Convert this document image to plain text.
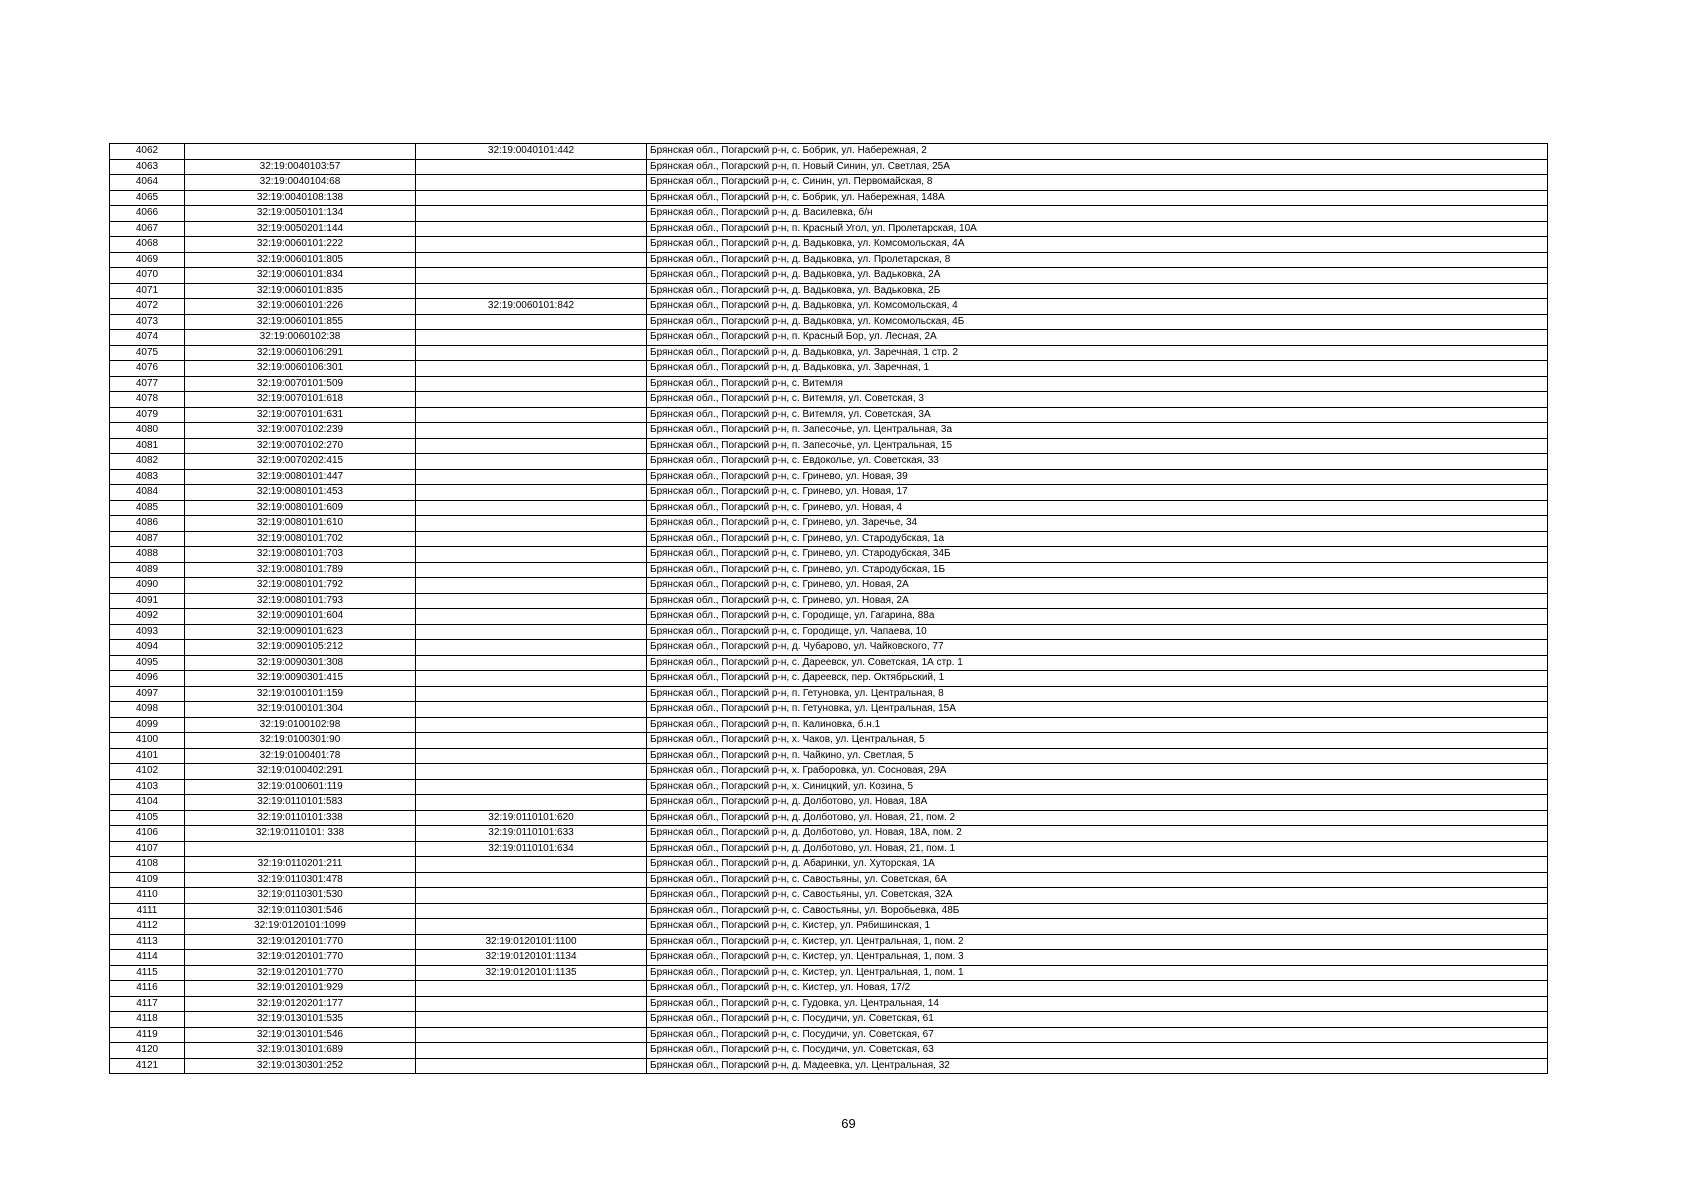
4062		32:19:0040101:442	Брянская обл., Погарский р-н, с. Бобрик, ул. Набережная, 2
4063	32:19:0040103:57		Брянская обл., Погарский р-н, п. Новый Синин, ул. Светлая, 25А
4064	32:19:0040104:68		Брянская обл., Погарский р-н, с. Синин, ул. Первомайская, 8
4065	32:19:0040108:138		Брянская обл., Погарский р-н, с. Бобрик, ул. Набережная, 148А
4066	32:19:0050101:134		Брянская обл., Погарский р-н, д. Василевка, б/н
4067	32:19:0050201:144		Брянская обл., Погарский р-н, п. Красный Угол, ул. Пролетарская, 10А
4068	32:19:0060101:222		Брянская обл., Погарский р-н, д. Вадьковка, ул. Комсомольская, 4А
4069	32:19:0060101:805		Брянская обл., Погарский р-н, д. Вадьковка, ул. Пролетарская, 8
4070	32:19:0060101:834		Брянская обл., Погарский р-н, д. Вадьковка, ул. Вадьковка, 2А
4071	32:19:0060101:835		Брянская обл., Погарский р-н, д. Вадьковка, ул. Вадьковка, 2Б
4072	32:19:0060101:226	32:19:0060101:842	Брянская обл., Погарский р-н, д. Вадьковка, ул. Комсомольская, 4
4073	32:19:0060101:855		Брянская обл., Погарский р-н, д. Вадьковка, ул. Комсомольская, 4Б
4074	32:19:0060102:38		Брянская обл., Погарский р-н, п. Красный Бор, ул. Лесная, 2А
4075	32:19:0060106:291		Брянская обл., Погарский р-н, д. Вадьковка, ул. Заречная, 1 стр. 2
4076	32:19:0060106:301		Брянская обл., Погарский р-н, д. Вадьковка, ул. Заречная, 1
4077	32:19:0070101:509		Брянская обл., Погарский р-н, с. Витемля
4078	32:19:0070101:618		Брянская обл., Погарский р-н, с. Витемля, ул. Советская, 3
4079	32:19:0070101:631		Брянская обл., Погарский р-н, с. Витемля, ул. Советская, 3А
4080	32:19:0070102:239		Брянская обл., Погарский р-н, п. Запесочье, ул. Центральная, 3а
4081	32:19:0070102:270		Брянская обл., Погарский р-н, п. Запесочье, ул. Центральная, 15
4082	32:19:0070202:415		Брянская обл., Погарский р-н, с. Евдоколье, ул. Советская, 33
4083	32:19:0080101:447		Брянская обл., Погарский р-н, с. Гринево, ул. Новая, 39
4084	32:19:0080101:453		Брянская обл., Погарский р-н, с. Гринево, ул. Новая, 17
4085	32:19:0080101:609		Брянская обл., Погарский р-н, с. Гринево, ул. Новая, 4
4086	32:19:0080101:610		Брянская обл., Погарский р-н, с. Гринево, ул. Заречье, 34
4087	32:19:0080101:702		Брянская обл., Погарский р-н, с. Гринево, ул. Стародубская, 1а
4088	32:19:0080101:703		Брянская обл., Погарский р-н, с. Гринево, ул. Стародубская, 34Б
4089	32:19:0080101:789		Брянская обл., Погарский р-н, с. Гринево, ул. Стародубская, 1Б
4090	32:19:0080101:792		Брянская обл., Погарский р-н, с. Гринево, ул. Новая, 2А
4091	32:19:0080101:793		Брянская обл., Погарский р-н, с. Гринево, ул. Новая, 2А
4092	32:19:0090101:604		Брянская обл., Погарский р-н, с. Городище, ул. Гагарина, 88а
4093	32:19:0090101:623		Брянская обл., Погарский р-н, с. Городище, ул. Чапаева, 10
4094	32:19:0090105:212		Брянская обл., Погарский р-н, д. Чубарово, ул. Чайковского, 77
4095	32:19:0090301:308		Брянская обл., Погарский р-н, с. Дареевск, ул. Советская, 1А стр. 1
4096	32:19:0090301:415		Брянская обл., Погарский р-н, с. Дареевск, пер. Октябрьский, 1
4097	32:19:0100101:159		Брянская обл., Погарский р-н, п. Гетуновка, ул. Центральная, 8
4098	32:19:0100101:304		Брянская обл., Погарский р-н, п. Гетуновка, ул. Центральная, 15А
4099	32:19:0100102:98		Брянская обл., Погарский р-н, п. Калиновка, б.н.1
4100	32:19:0100301:90		Брянская обл., Погарский р-н, х. Чаков, ул. Центральная, 5
4101	32:19:0100401:78		Брянская обл., Погарский р-н, п. Чайкино, ул. Светлая, 5
4102	32:19:0100402:291		Брянская обл., Погарский р-н, х. Граборовка, ул. Сосновая, 29А
4103	32:19:0100601:119		Брянская обл., Погарский р-н, х. Синицкий, ул. Козина, 5
4104	32:19:0110101:583		Брянская обл., Погарский р-н, д. Долботово, ул. Новая, 18А
4105	32:19:0110101:338	32:19:0110101:620	Брянская обл., Погарский р-н, д. Долботово, ул. Новая, 21, пом. 2
4106	32:19:0110101: 338	32:19:0110101:633	Брянская обл., Погарский р-н, д. Долботово, ул. Новая, 18А, пом. 2
4107		32:19:0110101:634	Брянская обл., Погарский р-н, д. Долботово, ул. Новая, 21, пом. 1
4108	32:19:0110201:211		Брянская обл., Погарский р-н, д. Абаринки, ул. Хуторская, 1А
4109	32:19:0110301:478		Брянская обл., Погарский р-н, с. Савостьяны, ул. Советская, 6А
4110	32:19:0110301:530		Брянская обл., Погарский р-н, с. Савостьяны, ул. Советская, 32А
4111	32:19:0110301:546		Брянская обл., Погарский р-н, с. Савостьяны, ул. Воробьевка, 48Б
4112	32:19:0120101:1099		Брянская обл., Погарский р-н, с. Кистер, ул. Рябишинская, 1
4113	32:19:0120101:770	32:19:0120101:1100	Брянская обл., Погарский р-н, с. Кистер, ул. Центральная, 1, пом. 2
4114	32:19:0120101:770	32:19:0120101:1134	Брянская обл., Погарский р-н, с. Кистер, ул. Центральная, 1, пом. 3
4115	32:19:0120101:770	32:19:0120101:1135	Брянская обл., Погарский р-н, с. Кистер, ул. Центральная, 1, пом. 1
4116	32:19:0120101:929		Брянская обл., Погарский р-н, с. Кистер, ул. Новая, 17/2
4117	32:19:0120201:177		Брянская обл., Погарский р-н, с. Гудовка, ул. Центральная, 14
4118	32:19:0130101:535		Брянская обл., Погарский р-н, с. Посудичи, ул. Советская, 61
4119	32:19:0130101:546		Брянская обл., Погарский р-н, с. Посудичи, ул. Советская, 67
4120	32:19:0130101:689		Брянская обл., Погарский р-н, с. Посудичи, ул. Советская, 63
4121	32:19:0130301:252		Брянская обл., Погарский р-н, д. Мадеевка, ул. Центральная, 32
69
